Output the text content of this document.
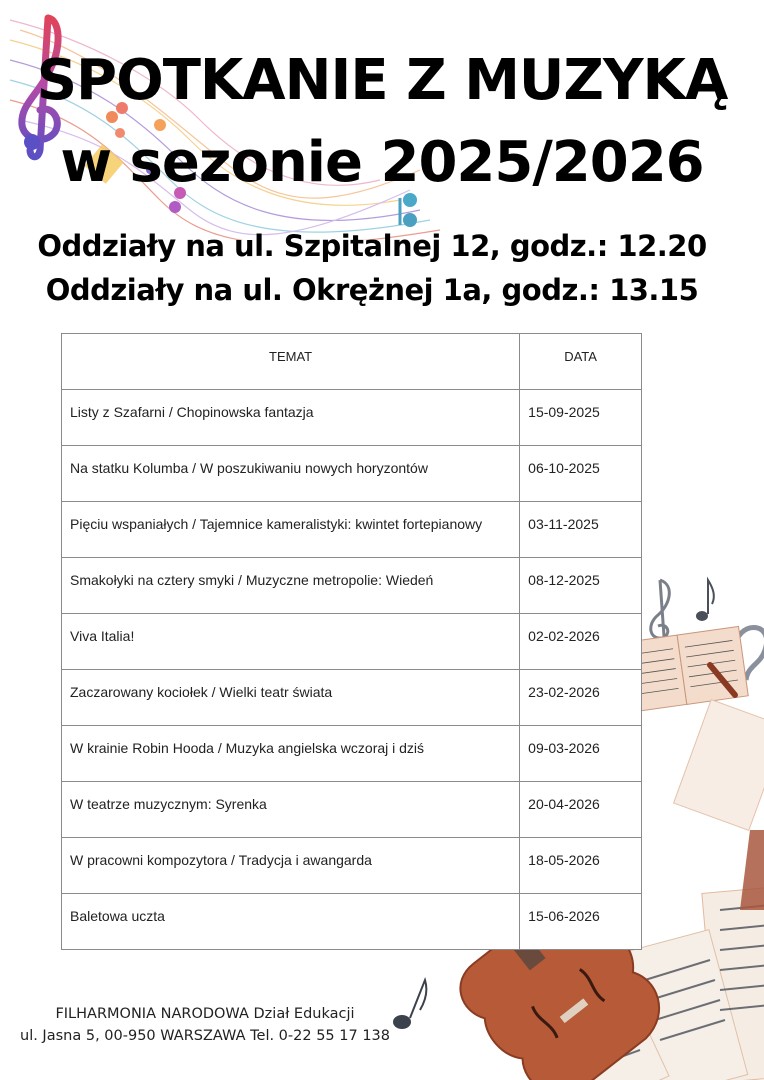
SPOTKANIE Z MUZYKĄ
w sezonie 2025/2026
Oddziały na ul. Szpitalnej 12, godz.: 12.20
Oddziały na ul. Okrężnej 1a, godz.: 13.15
TEMAT	DATA
Listy z Szafarni / Chopinowska fantazja	15-09-2025
Na statku Kolumba / W poszukiwaniu nowych horyzontów	06-10-2025
Pięciu wspaniałych / Tajemnice kameralistyki: kwintet fortepianowy	03-11-2025
Smakołyki na cztery smyki / Muzyczne metropolie: Wiedeń	08-12-2025
Viva Italia!	02-02-2026
Zaczarowany kociołek / Wielki teatr świata	23-02-2026
W krainie Robin Hooda / Muzyka angielska wczoraj i dziś	09-03-2026
W teatrze muzycznym: Syrenka	20-04-2026
W pracowni kompozytora / Tradycja i awangarda	18-05-2026
Baletowa uczta	15-06-2026
FILHARMONIA NARODOWA Dział Edukacji
ul. Jasna 5, 00-950 WARSZAWA Tel. 0-22 55 17 138
